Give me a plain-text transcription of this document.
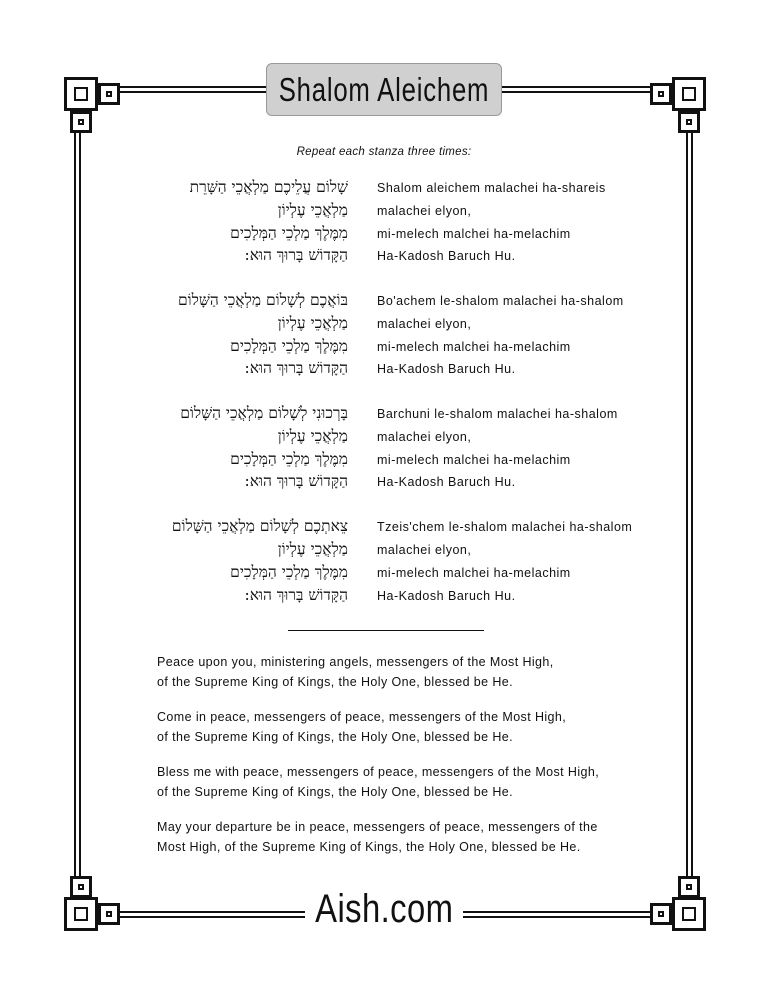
Shalom Aleichem
Repeat each stanza three times:
שָׁלוֹם עֲלֵיכֶם מַלְאֲכֵי הַשָּׁרֵת
מַלְאֲכֵי עֶלְיוֹן
מִמֶּלֶךְ מַלְכֵי הַמְּלָכִים
הַקָּדוֹשׁ בָּרוּךְ הוּא:
Shalom aleichem malachei ha-shareis
malachei elyon,
mi-melech malchei ha-melachim
Ha-Kadosh Baruch Hu.
בּוֹאֲכֶם לְשָׁלוֹם מַלְאֲכֵי הַשָּׁלוֹם
מַלְאֲכֵי עֶלְיוֹן
מִמֶּלֶךְ מַלְכֵי הַמְּלָכִים
הַקָּדוֹשׁ בָּרוּךְ הוּא:
Bo'achem le-shalom malachei ha-shalom
malachei elyon,
mi-melech malchei ha-melachim
Ha-Kadosh Baruch Hu.
בָּרְכוּנִי לְשָׁלוֹם מַלְאֲכֵי הַשָּׁלוֹם
מַלְאֲכֵי עֶלְיוֹן
מִמֶּלֶךְ מַלְכֵי הַמְּלָכִים
הַקָּדוֹשׁ בָּרוּךְ הוּא:
Barchuni le-shalom malachei ha-shalom
malachei elyon,
mi-melech malchei ha-melachim
Ha-Kadosh Baruch Hu.
צֵאתְכֶם לְשָׁלוֹם מַלְאֲכֵי הַשָּׁלוֹם
מַלְאֲכֵי עֶלְיוֹן
מִמֶּלֶךְ מַלְכֵי הַמְּלָכִים
הַקָּדוֹשׁ בָּרוּךְ הוּא:
Tzeis'chem le-shalom malachei ha-shalom
malachei elyon,
mi-melech malchei ha-melachim
Ha-Kadosh Baruch Hu.
Peace upon you, ministering angels, messengers of the Most High,
of the Supreme King of Kings, the Holy One, blessed be He.
Come in peace, messengers of peace, messengers of the Most High,
of the Supreme King of Kings, the Holy One, blessed be He.
Bless me with peace, messengers of peace, messengers of the Most High,
of the Supreme King of Kings, the Holy One, blessed be He.
May your departure be in peace, messengers of peace, messengers of the
Most High, of the Supreme King of Kings, the Holy One, blessed be He.
Aish.com
